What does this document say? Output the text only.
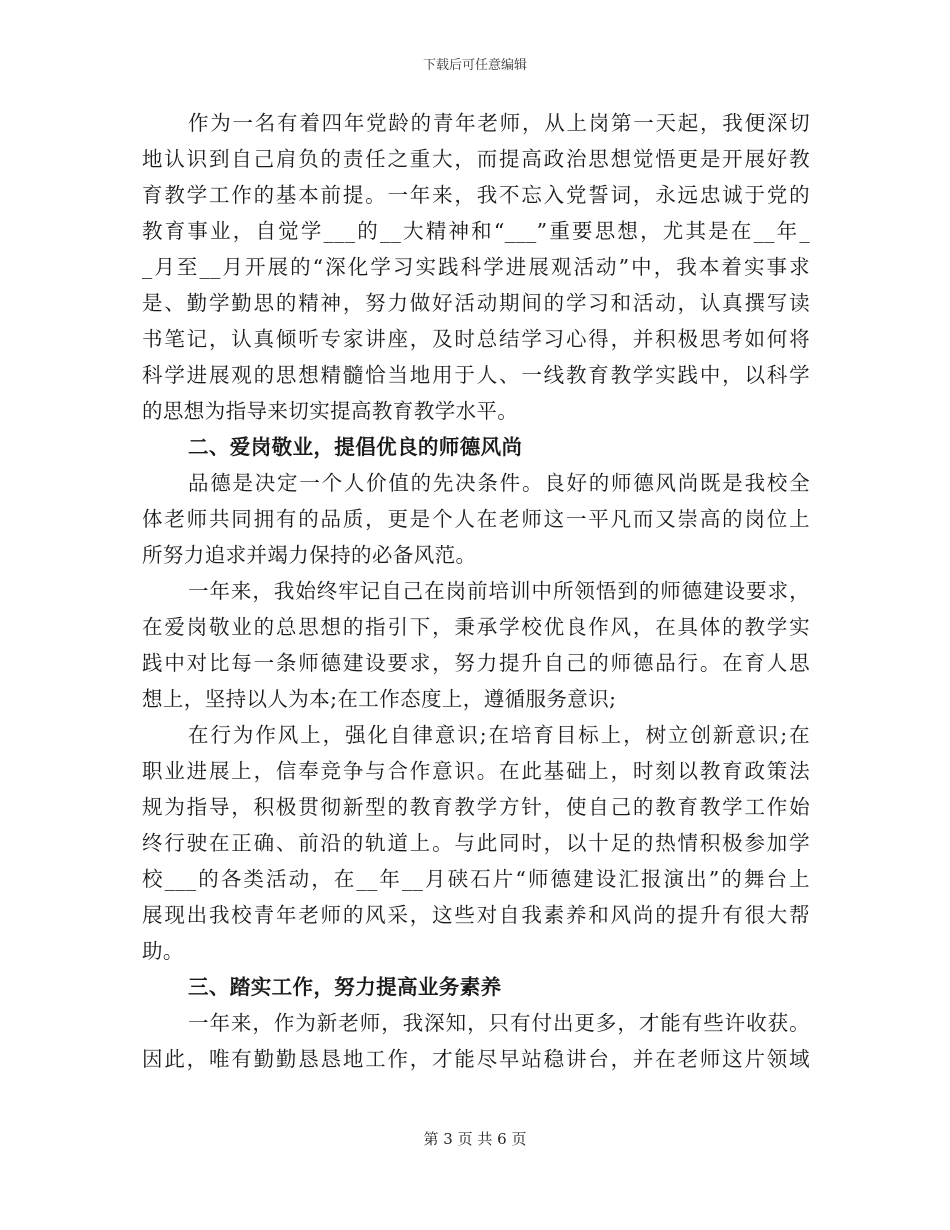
下载后可任意编辑
作为一名有着四年党龄的青年老师，从上岗第一天起，我便深切
地认识到自己肩负的责任之重大，而提高政治思想觉悟更是开展好教
育教学工作的基本前提。一年来，我不忘入党誓词，永远忠诚于党的
教育事业，自觉学___的__大精神和“___”重要思想，尤其是在__年_
_月至__月开展的“深化学习实践科学进展观活动”中，我本着实事求
是、勤学勤思的精神，努力做好活动期间的学习和活动，认真撰写读
书笔记，认真倾听专家讲座，及时总结学习心得，并积极思考如何将
科学进展观的思想精髓恰当地用于人、一线教育教学实践中，以科学
的思想为指导来切实提高教育教学水平。
二、爱岗敬业，提倡优良的师德风尚
品德是决定一个人价值的先决条件。良好的师德风尚既是我校全
体老师共同拥有的品质，更是个人在老师这一平凡而又崇高的岗位上
所努力追求并竭力保持的必备风范。
一年来，我始终牢记自己在岗前培训中所领悟到的师德建设要求，
在爱岗敬业的总思想的指引下，秉承学校优良作风，在具体的教学实
践中对比每一条师德建设要求，努力提升自己的师德品行。在育人思
想上，坚持以人为本;在工作态度上，遵循服务意识;
在行为作风上，强化自律意识;在培育目标上，树立创新意识;在
职业进展上，信奉竞争与合作意识。在此基础上，时刻以教育政策法
规为指导，积极贯彻新型的教育教学方针，使自己的教育教学工作始
终行驶在正确、前沿的轨道上。与此同时，以十足的热情积极参加学
校___的各类活动，在__年__月硖石片“师德建设汇报演出”的舞台上
展现出我校青年老师的风采，这些对自我素养和风尚的提升有很大帮
助。
三、踏实工作，努力提高业务素养
一年来，作为新老师，我深知，只有付出更多，才能有些许收获。
因此，唯有勤勤恳恳地工作，才能尽早站稳讲台，并在老师这片领域
第 3 页 共 6 页
